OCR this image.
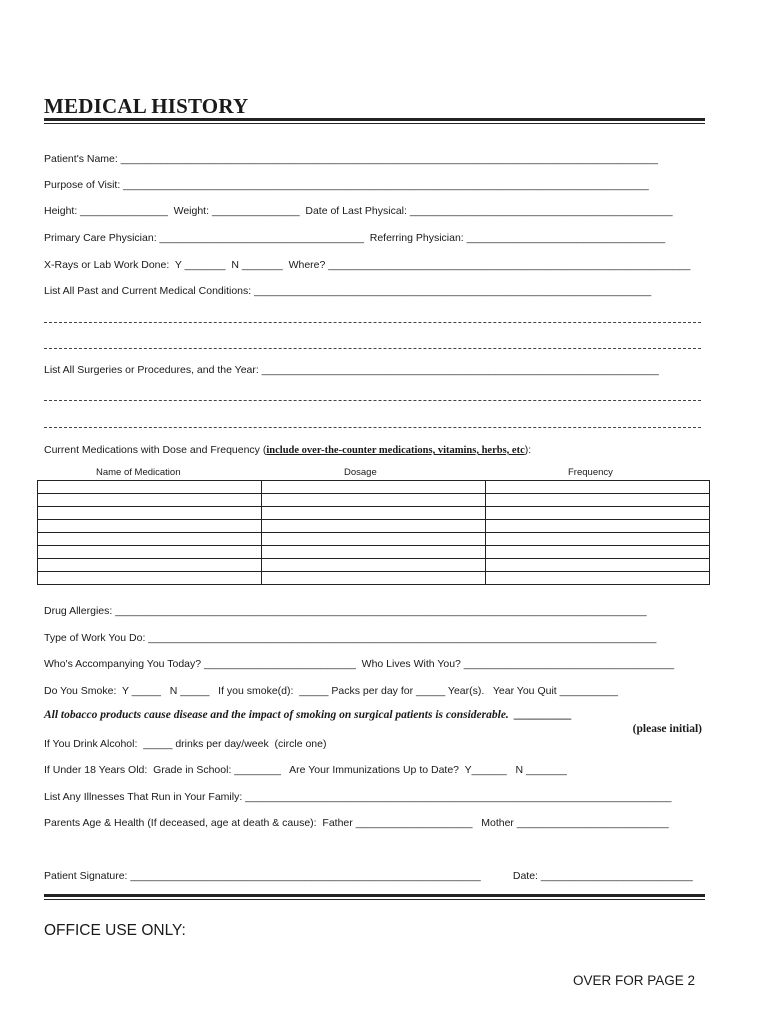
MEDICAL HISTORY
Patient's Name: ____________________________________________________________________________________________
Purpose of Visit: __________________________________________________________________________________________
Height: _______________  Weight: _______________  Date of Last Physical: _____________________________________________
Primary Care Physician: ___________________________________  Referring Physician: __________________________________
X-Rays or Lab Work Done:  Y _______  N _______  Where? ______________________________________________________________
List All Past and Current Medical Conditions: ____________________________________________________________________
List All Surgeries or Procedures, and the Year: ____________________________________________________________________
Current Medications with Dose and Frequency (include over-the-counter medications, vitamins, herbs, etc):
Name of Medication	Dosage	Frequency

Drug Allergies: ___________________________________________________________________________________________
Type of Work You Do: _______________________________________________________________________________________
Who's Accompanying You Today? __________________________  Who Lives With You? ____________________________________
Do You Smoke:  Y _____   N _____   If you smoke(d):  _____ Packs per day for _____ Year(s).   Year You Quit __________
All tobacco products cause disease and the impact of smoking on surgical patients is considerable.  __________
(please initial)
If You Drink Alcohol:  _____ drinks per day/week  (circle one)
If Under 18 Years Old:  Grade in School: ________   Are Your Immunizations Up to Date?  Y______   N _______
List Any Illnesses That Run in Your Family: _________________________________________________________________________
Parents Age & Health (If deceased, age at death & cause):  Father ____________________   Mother __________________________
Patient Signature: ____________________________________________________________           Date: __________________________
OFFICE USE ONLY:
OVER FOR PAGE 2
